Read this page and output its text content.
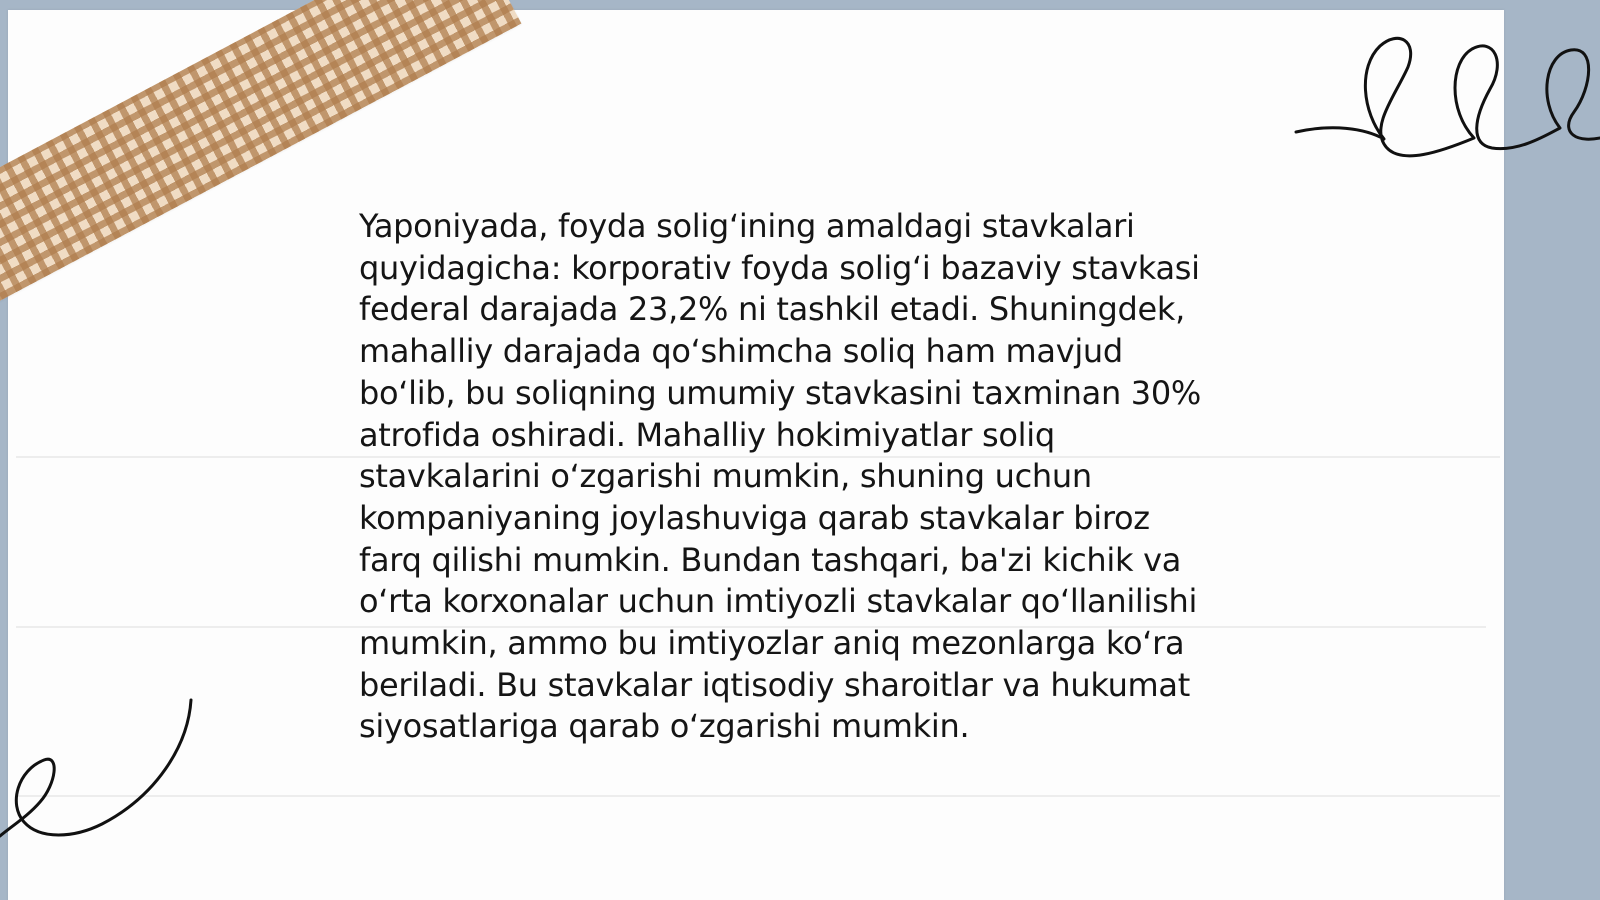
Yaponiyada, foyda solig‘ining amaldagi stavkalari
quyidagicha: korporativ foyda solig‘i bazaviy stavkasi
federal darajada 23,2% ni tashkil etadi. Shuningdek,
mahalliy darajada qo‘shimcha soliq ham mavjud
bo‘lib, bu soliqning umumiy stavkasini taxminan 30%
atrofida oshiradi. Mahalliy hokimiyatlar soliq
stavkalarini o‘zgarishi mumkin, shuning uchun
kompaniyaning joylashuviga qarab stavkalar biroz
farq qilishi mumkin. Bundan tashqari, ba'zi kichik va
o‘rta korxonalar uchun imtiyozli stavkalar qo‘llanilishi
mumkin, ammo bu imtiyozlar aniq mezonlarga ko‘ra
beriladi. Bu stavkalar iqtisodiy sharoitlar va hukumat
siyosatlariga qarab o‘zgarishi mumkin.
